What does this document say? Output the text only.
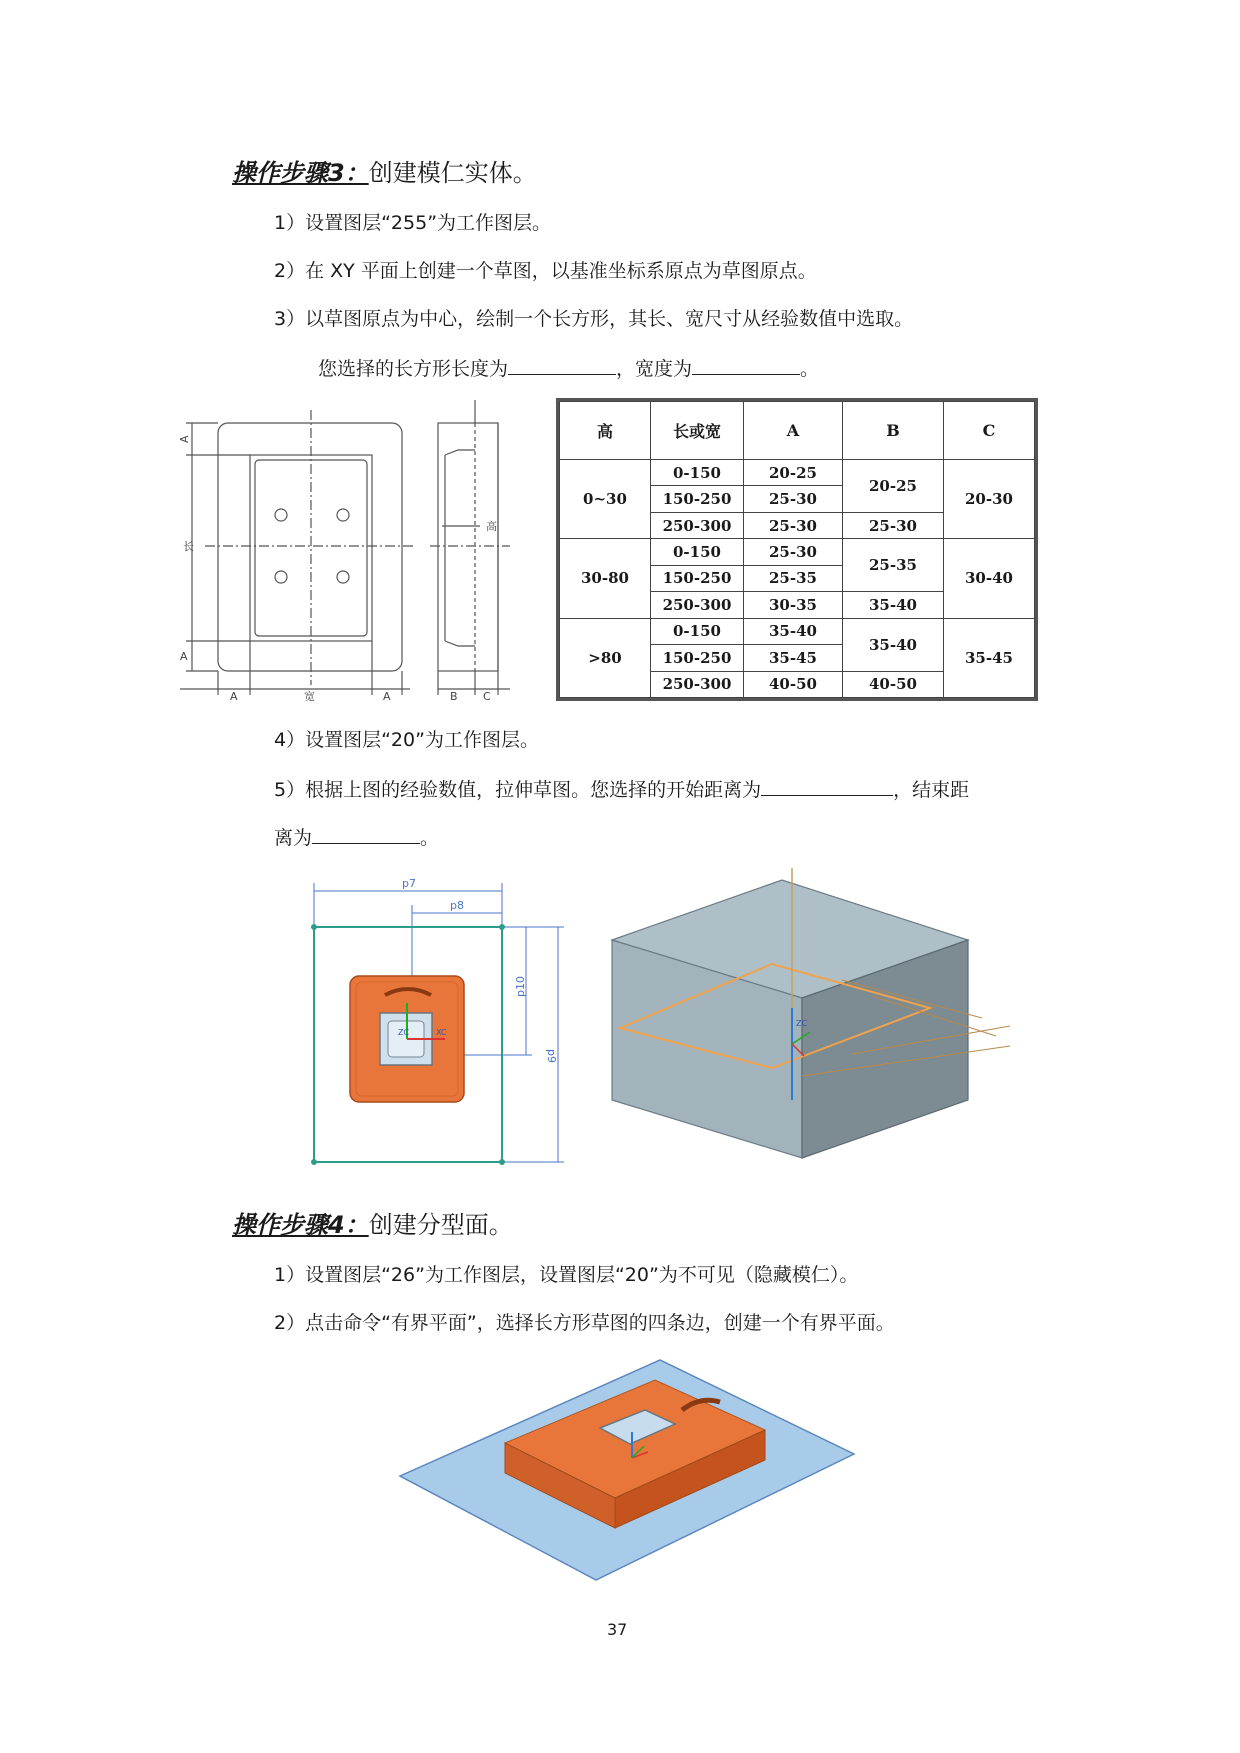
操作步骤3：创建模仁实体。
1）设置图层“255”为工作图层。
2）在 XY 平面上创建一个草图，以基准坐标系原点为草图原点。
3）以草图原点为中心，绘制一个长方形，其长、宽尺寸从经验数值中选取。
您选择的长方形长度为	，宽度为	。
A
长
A
A	宽	A	B C
高
高	长或宽	A	B	C
0~30	0-150	20-25	20-25	20-30
	150-250	25-30		
	250-300	25-30	25-30	
30-80	0-150	25-30	25-35	30-40
	150-250	25-35		
	250-300	30-35	35-40	
>80	0-150	35-40	35-40	35-45
	150-250	35-45		
	250-300	40-50	40-50	
4）设置图层“20”为工作图层。
5）根据上图的经验数值，拉伸草图。您选择的开始距离为	，结束距
离为	。
p7
p8
p10
p9
ZC	XC
ZC
操作步骤4：创建分型面。
1）设置图层“26”为工作图层，设置图层“20”为不可见（隐藏模仁）。
2）点击命令“有界平面”，选择长方形草图的四条边，创建一个有界平面。
37
